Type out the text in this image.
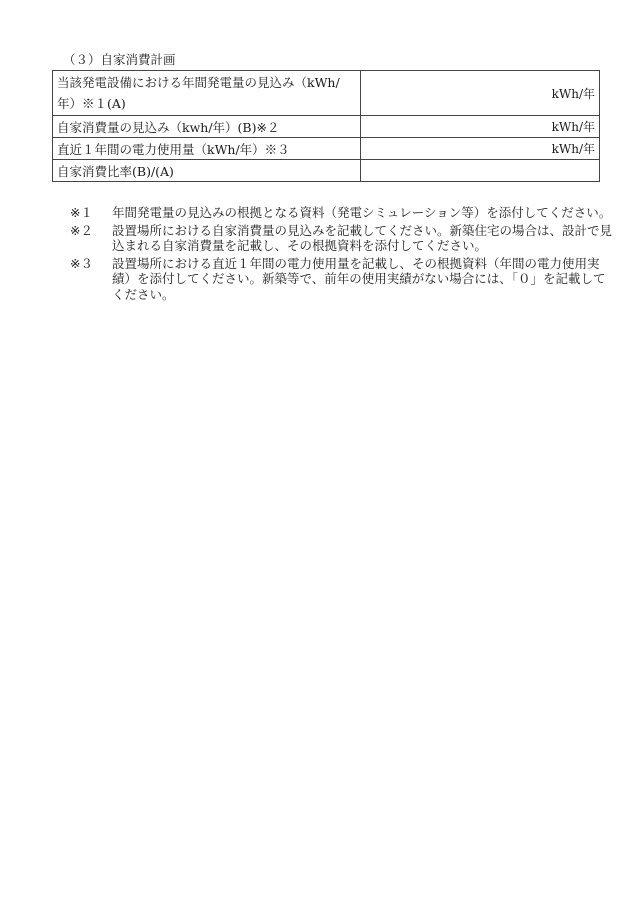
（３）自家消費計画
当該発電設備における年間発電量の見込み（kWh/年）※１(A)	kWh/年
自家消費量の見込み（kwh/年）(B)※２	kWh/年
直近１年間の電力使用量（kWh/年）※３	kWh/年
自家消費比率(B)/(A)	
※１	年間発電量の見込みの根拠となる資料（発電シミュレーション等）を添付してください。
※２	設置場所における自家消費量の見込みを記載してください。新築住宅の場合は、設計で見込まれる自家消費量を記載し、その根拠資料を添付してください。
※３	設置場所における直近１年間の電力使用量を記載し、その根拠資料（年間の電力使用実績）を添付してください。新築等で、前年の使用実績がない場合には、「０」を記載してください。
